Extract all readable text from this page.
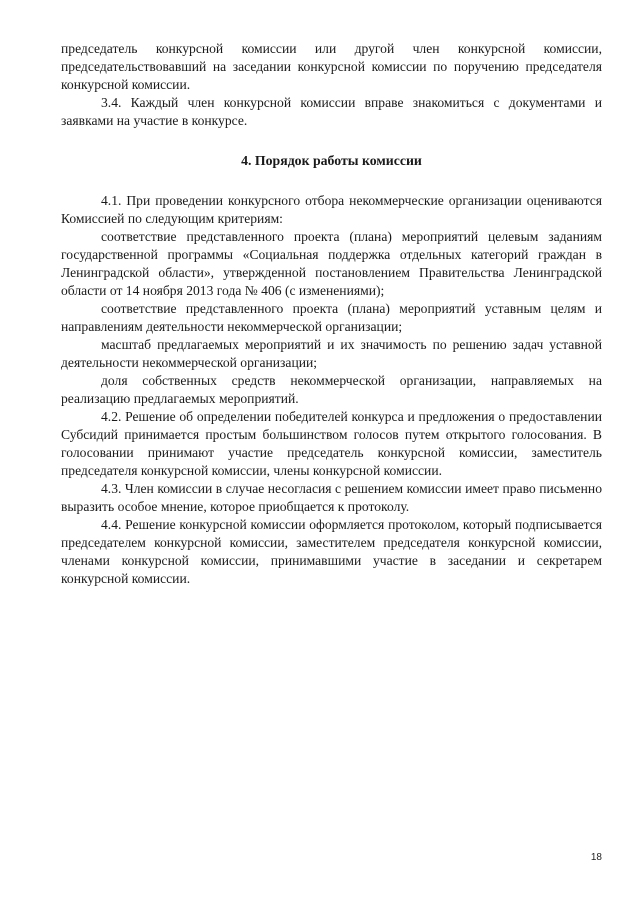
председатель конкурсной комиссии или другой член конкурсной комиссии, председательствовавший на заседании конкурсной комиссии по поручению председателя конкурсной комиссии.

3.4. Каждый член конкурсной комиссии вправе знакомиться с документами и заявками на участие в конкурсе.

4. Порядок работы комиссии

4.1. При проведении конкурсного отбора некоммерческие организации оцениваются Комиссией по следующим критериям:

соответствие представленного проекта (плана) мероприятий целевым заданиям государственной программы «Социальная поддержка отдельных категорий граждан в Ленинградской области», утвержденной постановлением Правительства Ленинградской области от 14 ноября 2013 года № 406 (с изменениями);

соответствие представленного проекта (плана) мероприятий уставным целям и направлениям деятельности некоммерческой организации;

масштаб предлагаемых мероприятий и их значимость по решению задач уставной деятельности некоммерческой организации;

доля собственных средств некоммерческой организации, направляемых на реализацию предлагаемых мероприятий.

4.2. Решение об определении победителей конкурса и предложения о предоставлении Субсидий принимается простым большинством голосов путем открытого голосования. В голосовании принимают участие председатель конкурсной комиссии, заместитель председателя конкурсной комиссии, члены конкурсной комиссии.

4.3. Член комиссии в случае несогласия с решением комиссии имеет право письменно выразить особое мнение, которое приобщается к протоколу.

4.4. Решение конкурсной комиссии оформляется протоколом, который подписывается председателем конкурсной комиссии, заместителем председателя конкурсной комиссии, членами конкурсной комиссии, принимавшими участие в заседании и секретарем конкурсной комиссии.

18
